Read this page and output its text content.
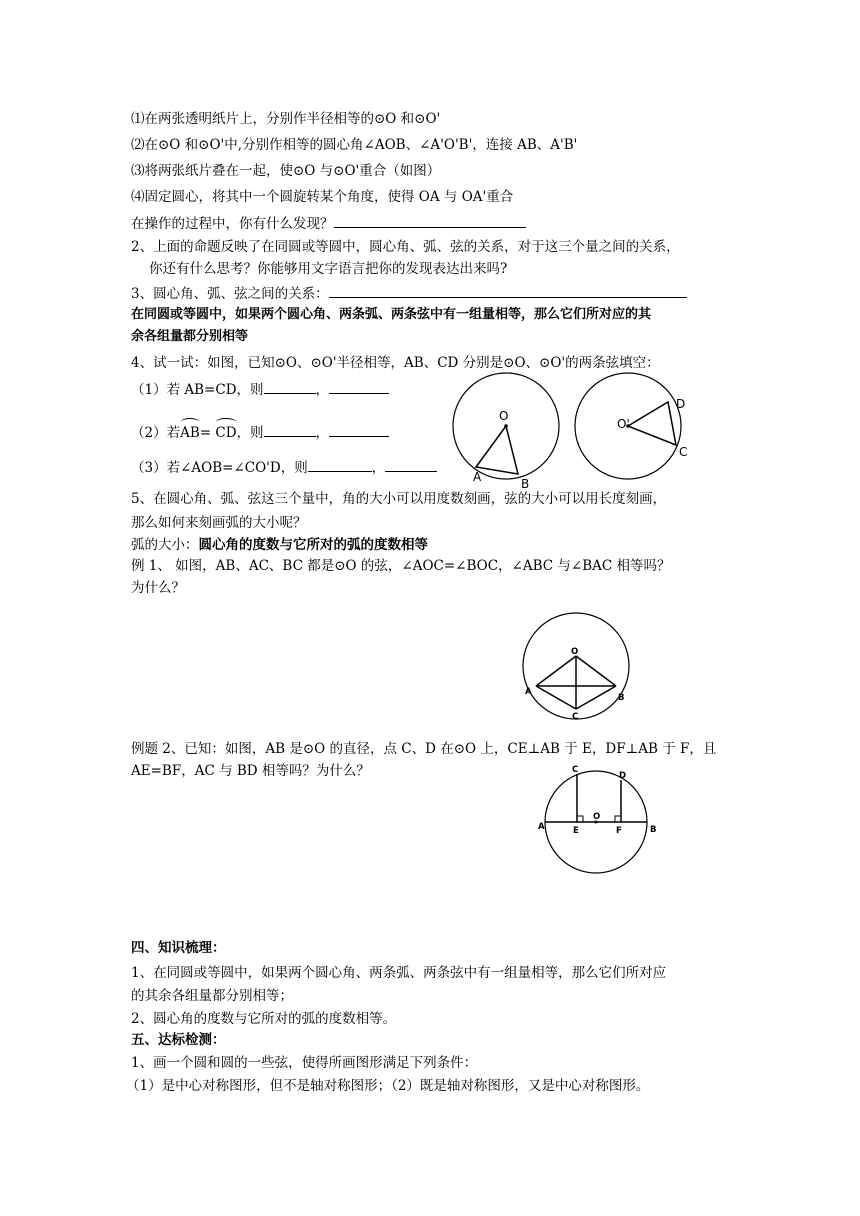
⑴在两张透明纸片上，分别作半径相等的⊙O 和⊙O'
⑵在⊙O 和⊙O'中,分别作相等的圆心角∠AOB、∠A'O'B'，连接 AB、A'B'
⑶将两张纸片叠在一起，使⊙O 与⊙O'重合（如图）
⑷固定圆心，将其中一个圆旋转某个角度，使得 OA 与 OA'重合
在操作的过程中，你有什么发现？
2、上面的命题反映了在同圆或等圆中，圆心角、弧、弦的关系，对于这三个量之间的关系，
你还有什么思考？你能够用文字语言把你的发现表达出来吗?
3、圆心角、弧、弦之间的关系：
在同圆或等圆中，如果两个圆心角、两条弧、两条弦中有一组量相等，那么它们所对应的其
余各组量都分别相等
4、试一试：如图，已知⊙O、⊙O'半径相等，AB、CD 分别是⊙O、⊙O'的两条弦填空：
（1）若 AB=CD，则	，
（2）若AB= CD，则	，
（3）若∠AOB=∠CO'D，则	，
O
A	B
O'
D
C
5、在圆心角、弧、弦这三个量中，角的大小可以用度数刻画，弦的大小可以用长度刻画，
那么如何来刻画弧的大小呢？
弧的大小：圆心角的度数与它所对的弧的度数相等
例 1、 如图，AB、AC、BC 都是⊙O 的弦，∠AOC=∠BOC，∠ABC 与∠BAC 相等吗？
为什么？
O
A
B
C
例题 2、已知：如图，AB 是⊙O 的直径，点 C、D 在⊙O 上，CE⊥AB 于 E，DF⊥AB 于 F，且
AE=BF，AC 与 BD 相等吗？为什么？	C
D
A	B
E	F
O
四、知识梳理：
1、在同圆或等圆中，如果两个圆心角、两条弧、两条弦中有一组量相等，那么它们所对应
的其余各组量都分别相等；
2、圆心角的度数与它所对的弧的度数相等。
五、达标检测：
1、画一个圆和圆的一些弦，使得所画图形满足下列条件：
（1）是中心对称图形，但不是轴对称图形；（2）既是轴对称图形，又是中心对称图形。
